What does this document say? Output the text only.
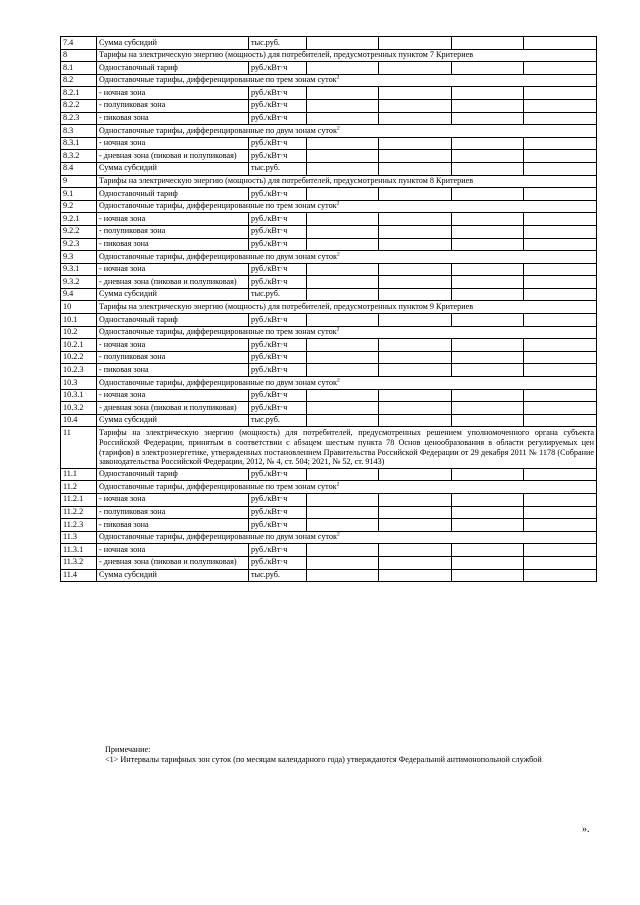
7.4	Сумма субсидий	тыс.руб.				
8	Тарифы на электрическую энергию (мощность) для потребителей, предусмотренных пунктом 7 Критериев					
8.1	Одноставочный тариф	руб./кВт·ч				
8.2	Одноставочные тарифы, дифференцированные по трем зонам суток$^2$
8.2.1	- ночная зона	руб./кВт·ч				
8.2.2	- полупиковая зона	руб./кВт·ч				
8.2.3	- пиковая зона	руб./кВт·ч				
8.3	Одноставочные тарифы, дифференцированные по двум зонам суток$^2$
8.3.1	- ночная зона	руб./кВт·ч				
8.3.2	- дневная зона (пиковая и полупиковая)	руб./кВт·ч				
8.4	Сумма субсидий	тыс.руб.				
9	Тарифы на электрическую энергию (мощность) для потребителей, предусмотренных пунктом 8 Критериев					
9.1	Одноставочный тариф	руб./кВт·ч				
9.2	Одноставочные тарифы, дифференцированные по трем зонам суток$^2$
9.2.1	- ночная зона	руб./кВт·ч				
9.2.2	- полупиковая зона	руб./кВт·ч				
9.2.3	- пиковая зона	руб./кВт·ч				
9.3	Одноставочные тарифы, дифференцированные по двум зонам суток$^2$
9.3.1	- ночная зона	руб./кВт·ч				
9.3.2	- дневная зона (пиковая и полупиковая)	руб./кВт·ч				
9.4	Сумма субсидий	тыс.руб.				
10	Тарифы на электрическую энергию (мощность) для потребителей, предусмотренных пунктом 9 Критериев					
10.1	Одноставочный тариф	руб./кВт·ч				
10.2	Одноставочные тарифы, дифференцированные по трем зонам суток$^2$
10.2.1	- ночная зона	руб./кВт·ч				
10.2.2	- полупиковая зона	руб./кВт·ч				
10.2.3	- пиковая зона	руб./кВт·ч				
10.3	Одноставочные тарифы, дифференцированные по двум зонам суток$^2$
10.3.1	- ночная зона	руб./кВт·ч				
10.3.2	- дневная зона (пиковая и полупиковая)	руб./кВт·ч				
10.4	Сумма субсидий	тыс.руб.				
11	Тарифы на электрическую энергию (мощность) для потребителей, предусмотренных решением уполномоченного органа субъекта Российской Федерации, принятым в соответствии с абзацем шестым пункта 78 Основ ценообразования в области регулируемых цен (тарифов) в электроэнергетике, утвержденных постановлением Правительства Российской Федерации от 29 декабря 2011 № 1178 (Собрание законодательства Российской Федерации, 2012, № 4, ст. 504; 2021, № 52, ст. 9143)					
11.1	Одноставочный тариф	руб./кВт·ч				
11.2	Одноставочные тарифы, дифференцированные по трем зонам суток$^2$
11.2.1	- ночная зона	руб./кВт·ч				
11.2.2	- полупиковая зона	руб./кВт·ч				
11.2.3	- пиковая зона	руб./кВт·ч				
11.3	Одноставочные тарифы, дифференцированные по двум зонам суток$^2$
11.3.1	- ночная зона	руб./кВт·ч				
11.3.2	- дневная зона (пиковая и полупиковая)	руб./кВт·ч				
11.4	Сумма субсидий	тыс.руб.				
Примечание:
<1> Интервалы тарифных зон суток (по месяцам календарного года) утверждаются Федеральной антимонопольной службой
».
